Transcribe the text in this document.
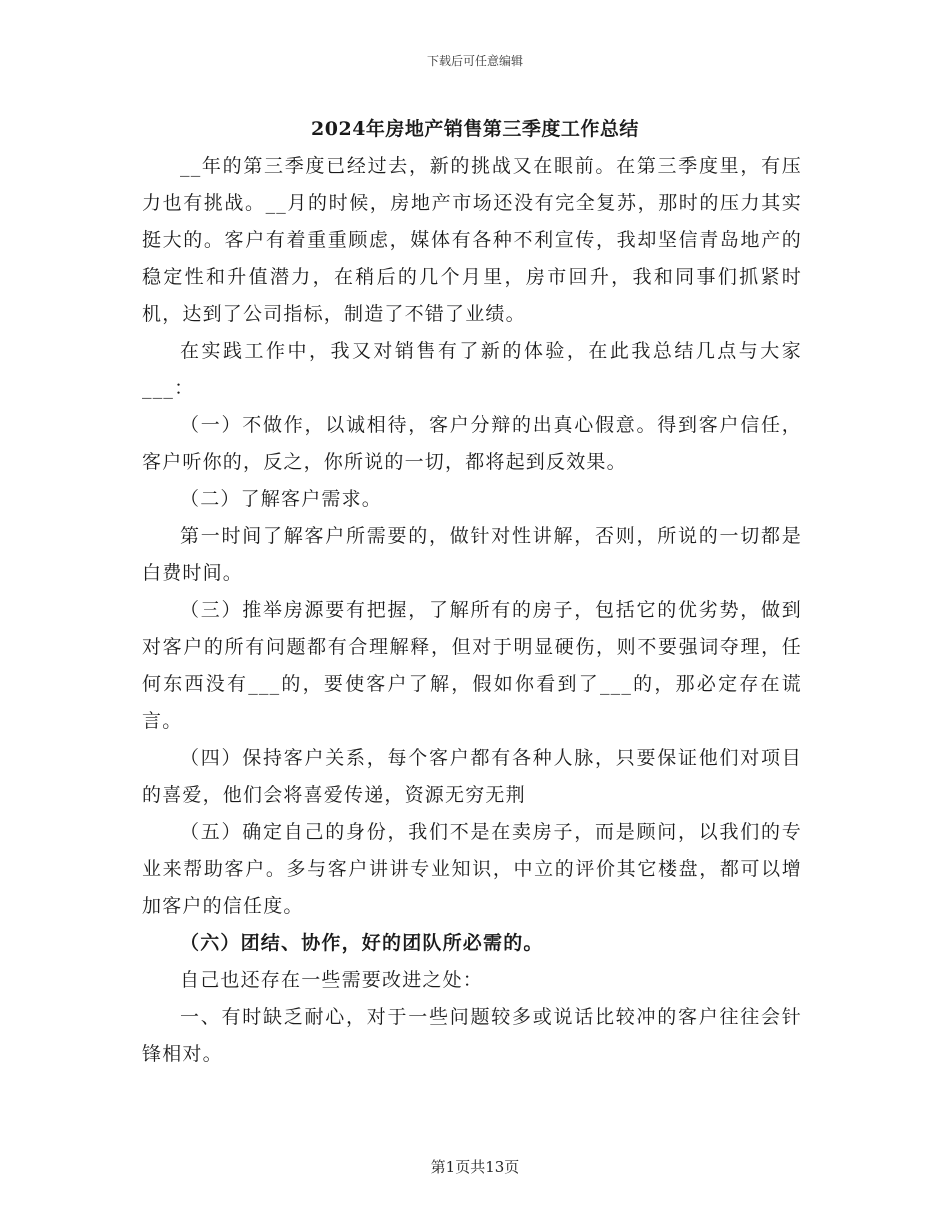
下载后可任意编辑
2024年房地产销售第三季度工作总结

__年的第三季度已经过去，新的挑战又在眼前。在第三季度里，有压力也有挑战。__月的时候，房地产市场还没有完全复苏，那时的压力其实挺大的。客户有着重重顾虑，媒体有各种不利宣传，我却坚信青岛地产的稳定性和升值潜力，在稍后的几个月里，房市回升，我和同事们抓紧时机，达到了公司指标，制造了不错了业绩。

在实践工作中，我又对销售有了新的体验，在此我总结几点与大家___：

（一）不做作，以诚相待，客户分辩的出真心假意。得到客户信任，客户听你的，反之，你所说的一切，都将起到反效果。

（二）了解客户需求。

第一时间了解客户所需要的，做针对性讲解，否则，所说的一切都是白费时间。

（三）推举房源要有把握，了解所有的房子，包括它的优劣势，做到对客户的所有问题都有合理解释，但对于明显硬伤，则不要强词夺理，任何东西没有___的，要使客户了解，假如你看到了___的，那必定存在谎言。

（四）保持客户关系，每个客户都有各种人脉，只要保证他们对项目的喜爱，他们会将喜爱传递，资源无穷无荆

（五）确定自己的身份，我们不是在卖房子，而是顾问，以我们的专业来帮助客户。多与客户讲讲专业知识，中立的评价其它楼盘，都可以增加客户的信任度。

（六）团结、协作，好的团队所必需的。

自己也还存在一些需要改进之处：

一、有时缺乏耐心，对于一些问题较多或说话比较冲的客户往往会针锋相对。

第1页共13页
